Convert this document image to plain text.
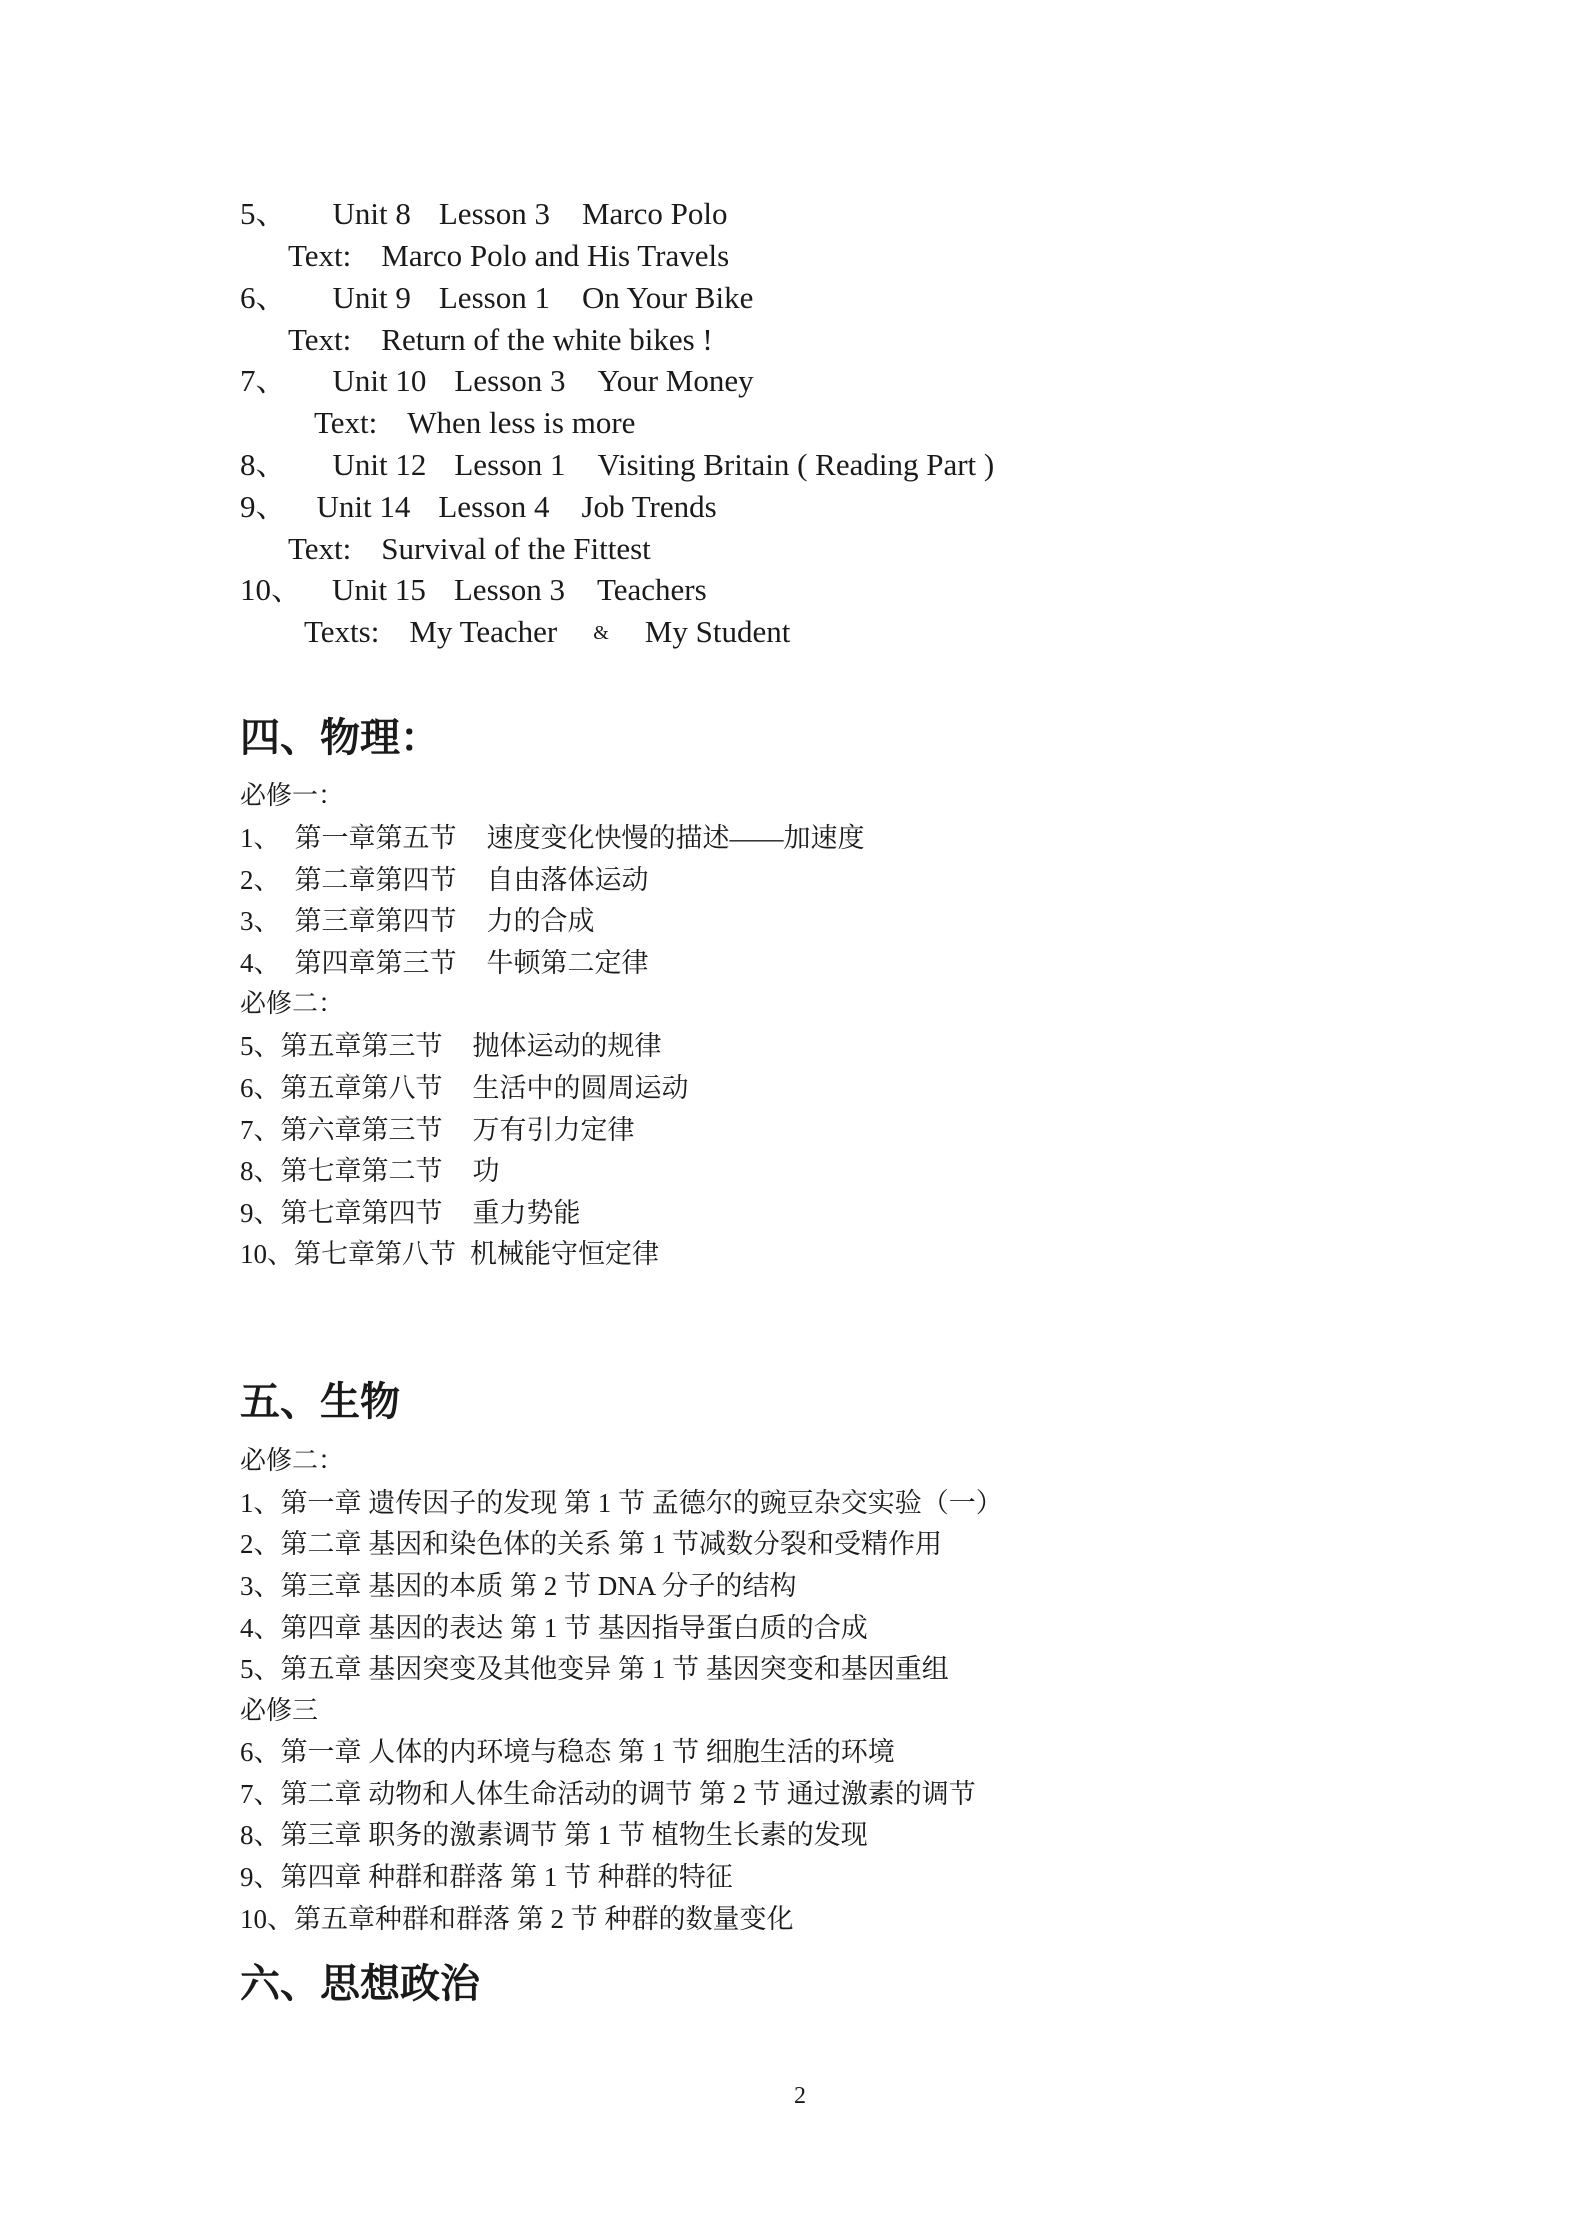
5、 Unit 8 Lesson 3 Marco Polo
Text: Marco Polo and His Travels
6、 Unit 9 Lesson 1 On Your Bike
Text: Return of the white bikes !
7、 Unit 10 Lesson 3 Your Money
Text: When less is more
8、 Unit 12 Lesson 1 Visiting Britain ( Reading Part )
9、 Unit 14 Lesson 4 Job Trends
Text: Survival of the Fittest
10、 Unit 15 Lesson 3 Teachers
Texts: My Teacher & My Student
四、物理：
必修一：
1、 第一章第五节 速度变化快慢的描述——加速度
2、 第二章第四节 自由落体运动
3、 第三章第四节 力的合成
4、 第四章第三节 牛顿第二定律
必修二：
5、第五章第三节 抛体运动的规律
6、第五章第八节 生活中的圆周运动
7、第六章第三节 万有引力定律
8、第七章第二节 功
9、第七章第四节 重力势能
10、第七章第八节 机械能守恒定律
五、生物
必修二：
1、第一章 遗传因子的发现 第 1 节 孟德尔的豌豆杂交实验（一）
2、第二章 基因和染色体的关系 第 1 节减数分裂和受精作用
3、第三章 基因的本质 第 2 节 DNA 分子的结构
4、第四章 基因的表达 第 1 节 基因指导蛋白质的合成
5、第五章 基因突变及其他变异 第 1 节 基因突变和基因重组
必修三
6、第一章 人体的内环境与稳态 第 1 节 细胞生活的环境
7、第二章 动物和人体生命活动的调节 第 2 节 通过激素的调节
8、第三章 职务的激素调节 第 1 节 植物生长素的发现
9、第四章 种群和群落 第 1 节 种群的特征
10、第五章种群和群落 第 2 节 种群的数量变化
六、思想政治
2
